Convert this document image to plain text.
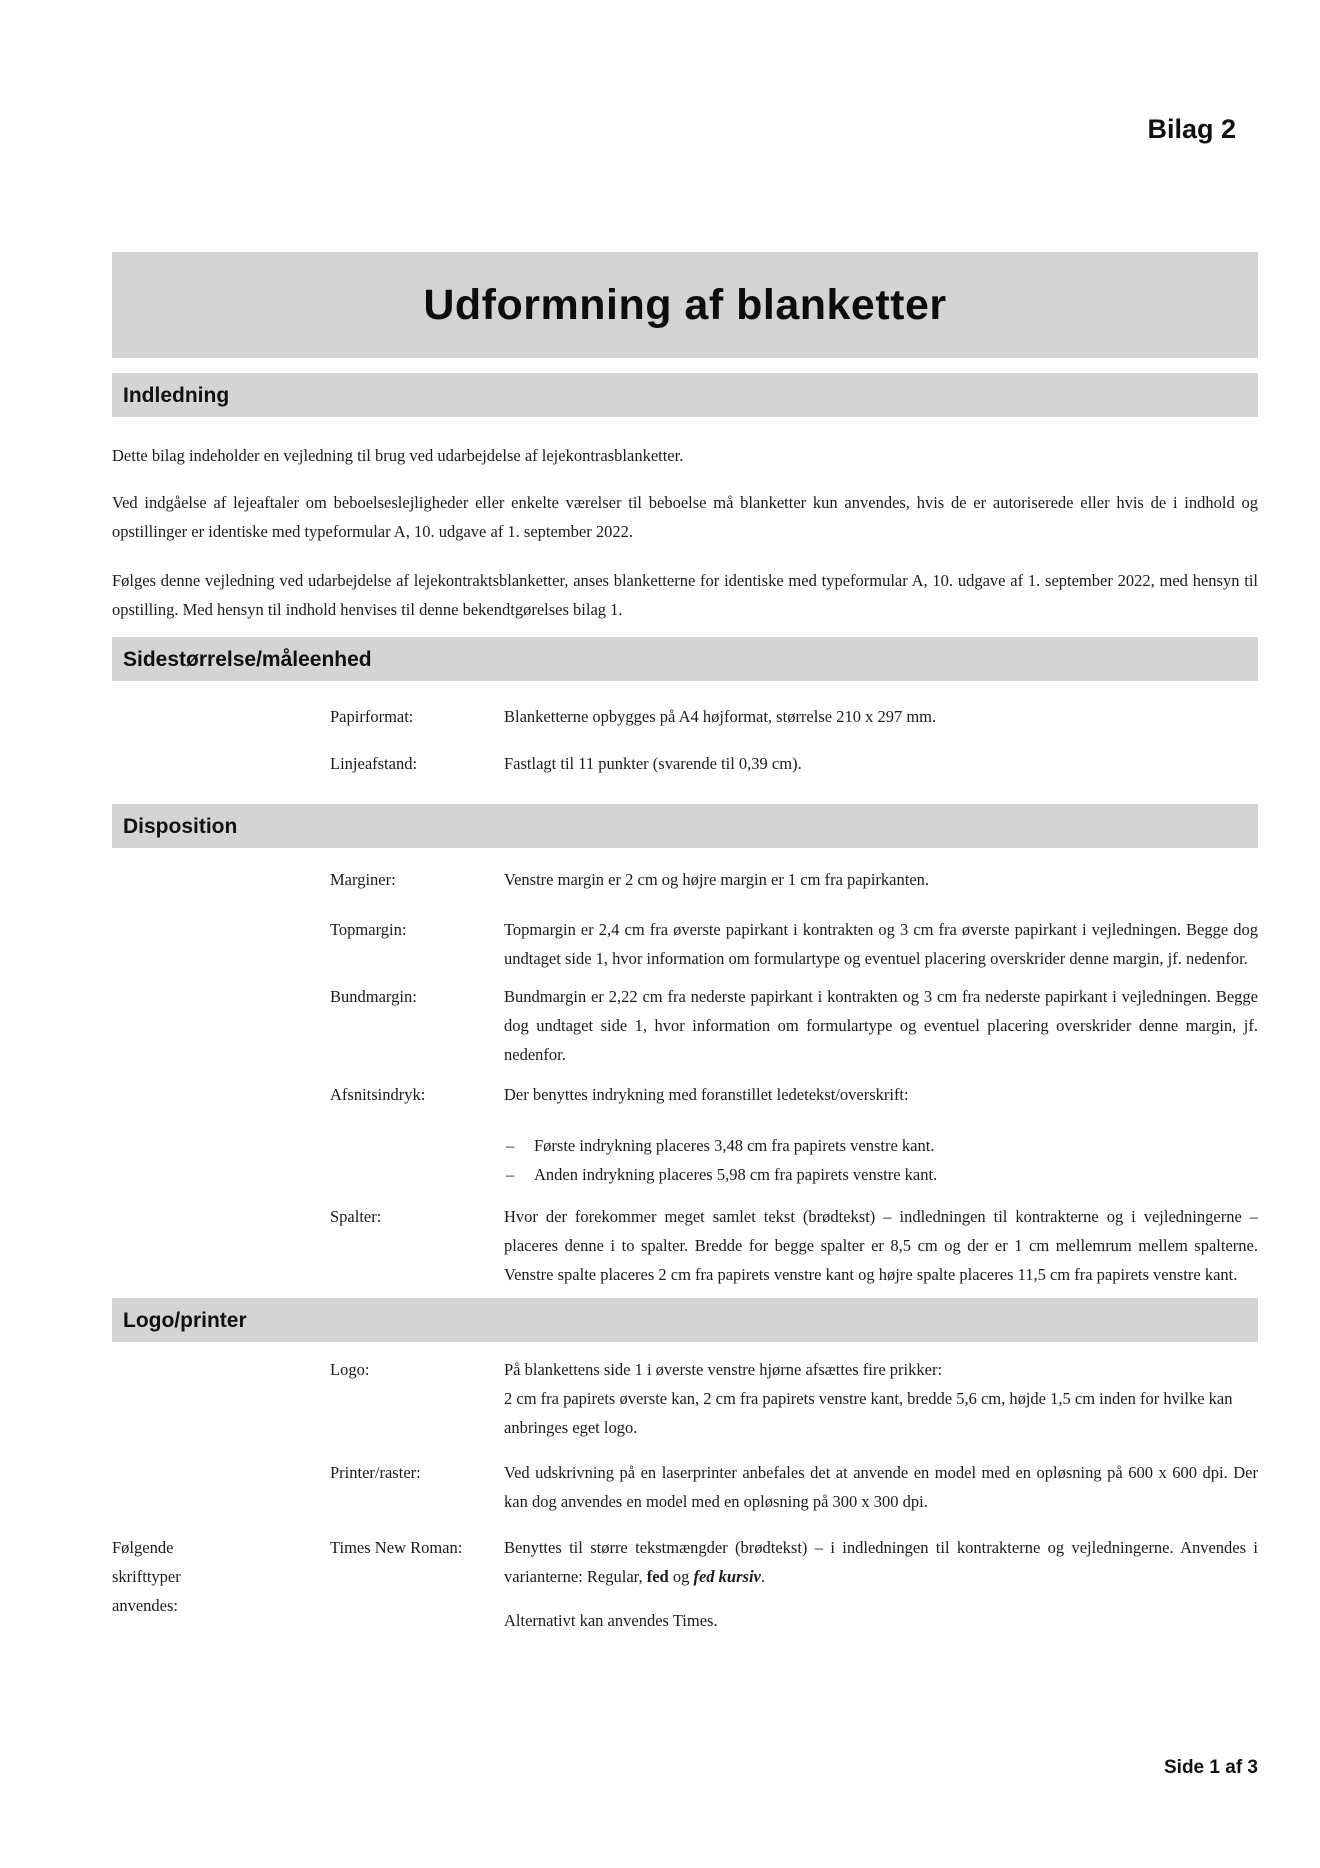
Bilag 2
Udformning af blanketter
Indledning

Dette bilag indeholder en vejledning til brug ved udarbejdelse af lejekontrasblanketter.

Ved indgåelse af lejeaftaler om beboelseslejligheder eller enkelte værelser til beboelse må blanketter kun anvendes, hvis de er autoriserede eller hvis de i indhold og opstillinger er identiske med typeformular A, 10. udgave af 1. september 2022.

Følges denne vejledning ved udarbejdelse af lejekontraktsblanketter, anses blanketterne for identiske med typeformular A, 10. udgave af 1. september 2022, med hensyn til opstilling. Med hensyn til indhold henvises til denne bekendtgørelses bilag 1.

Sidestørrelse/måleenhed
Papirformat:	Blanketterne opbygges på A4 højformat, størrelse 210 x 297 mm.
Linjeafstand:	Fastlagt til 11 punkter (svarende til 0,39 cm).
Disposition
Marginer:	Venstre margin er 2 cm og højre margin er 1 cm fra papirkanten.
Topmargin:	Topmargin er 2,4 cm fra øverste papirkant i kontrakten og 3 cm fra øverste papirkant i vejledningen. Begge dog undtaget side 1, hvor information om formulartype og eventuel placering overskrider denne margin, jf. nedenfor.
Bundmargin:	Bundmargin er 2,22 cm fra nederste papirkant i kontrakten og 3 cm fra nederste papirkant i vejledningen. Begge dog undtaget side 1, hvor information om formulartype og eventuel placering overskrider denne margin, jf. nedenfor.
Afsnitsindryk:	Der benyttes indrykning med foranstillet ledetekst/overskrift:
–	Første indrykning placeres 3,48 cm fra papirets venstre kant.
–	Anden indrykning placeres 5,98 cm fra papirets venstre kant.
Spalter:	Hvor der forekommer meget samlet tekst (brødtekst) – indledningen til kontrakterne og i vejledningerne – placeres denne i to spalter. Bredde for begge spalter er 8,5 cm og der er 1 cm mellemrum mellem spalterne. Venstre spalte placeres 2 cm fra papirets venstre kant og højre spalte placeres 11,5 cm fra papirets venstre kant.
Logo/printer
Logo:	På blankettens side 1 i øverste venstre hjørne afsættes fire prikker:
2 cm fra papirets øverste kan, 2 cm fra papirets venstre kant, bredde 5,6 cm, højde 1,5 cm inden for hvilke kan anbringes eget logo.
Printer/raster:	Ved udskrivning på en laserprinter anbefales det at anvende en model med en opløsning på 600 x 600 dpi. Der kan dog anvendes en model med en opløsning på 300 x 300 dpi.
Følgende skrifttyper anvendes:
Times New Roman:	Benyttes til større tekstmængder (brødtekst) – i indledningen til kontrakterne og vejledningerne. Anvendes i varianterne: Regular, fed og fed kursiv.
Alternativt kan anvendes Times.
Side 1 af 3
